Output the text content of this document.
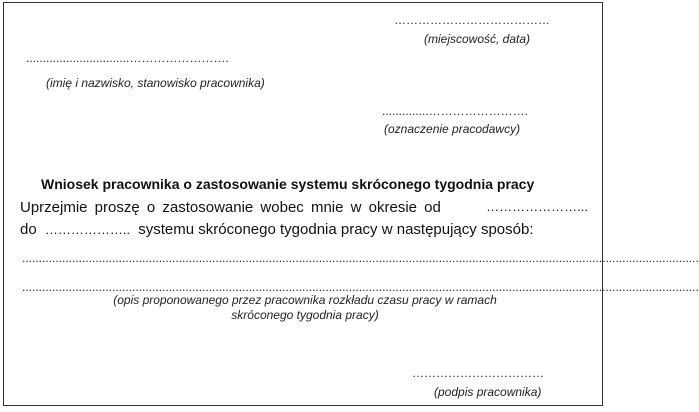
…………………………………
(miejscowość, data)
...............................…………………….
(imię i nazwisko, stanowisko pracownika)
..............…………………….
(oznaczenie pracodawcy)
Wniosek pracownika o zastosowanie systemu skróconego tygodnia pracy
Uprzejmie proszę o zastosowanie wobec mnie w okresie od	…………………...
do ……………….. systemu skróconego tygodnia pracy w następujący sposób:
...........................................................................................................................................................................................................
...........................................................................................................................................................................................................
(opis proponowanego przez pracownika rozkładu czasu pracy w ramach
skróconego tygodnia pracy)
……………………………
(podpis pracownika)
